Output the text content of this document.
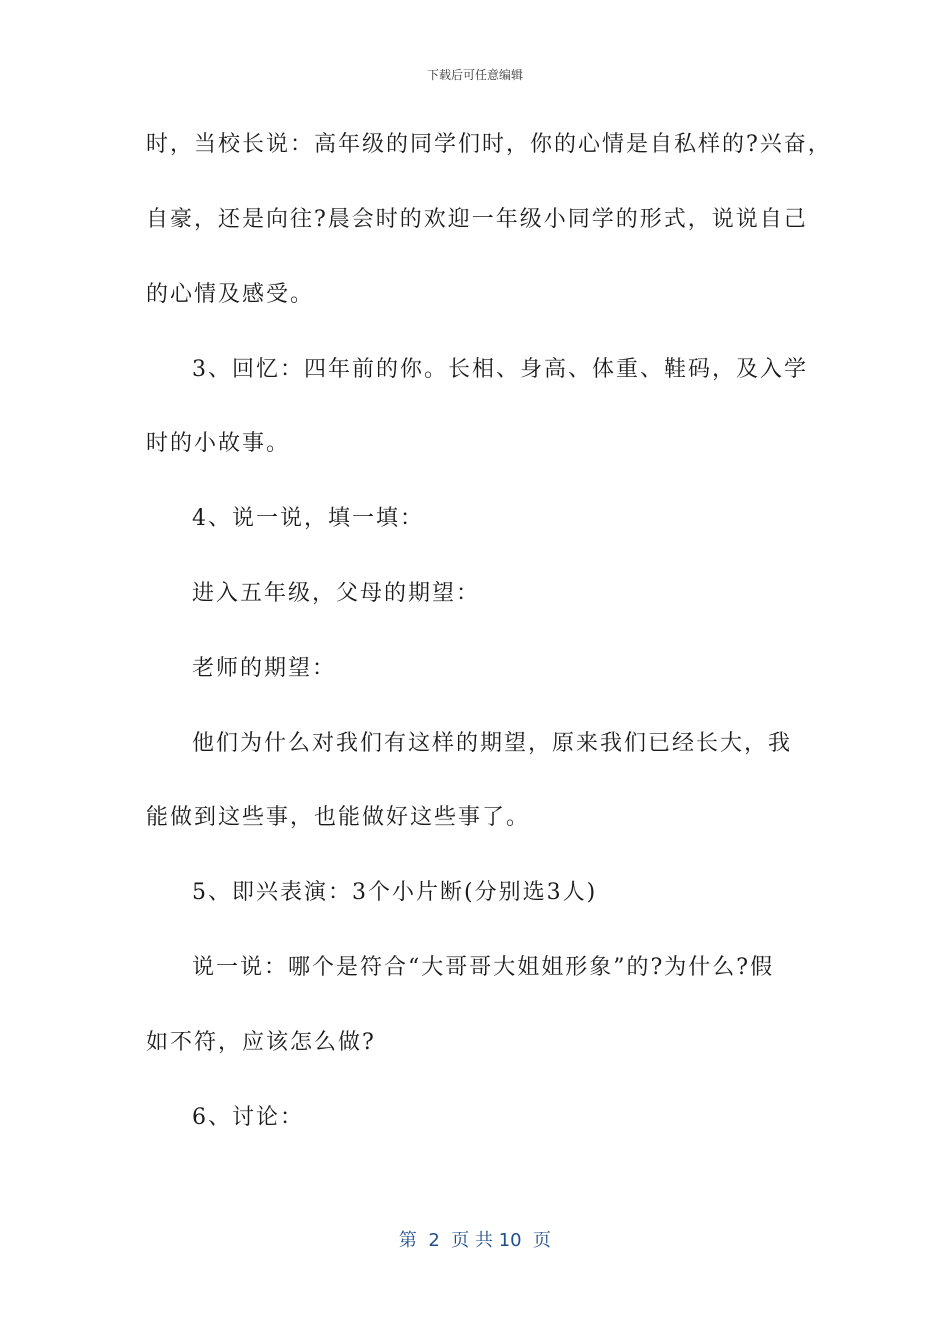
下载后可任意编辑
时，当校长说：高年级的同学们时，你的心情是自私样的?兴奋，
自豪，还是向往?晨会时的欢迎一年级小同学的形式，说说自己
的心情及感受。
3、回忆：四年前的你。长相、身高、体重、鞋码，及入学
时的小故事。
4、说一说，填一填：
进入五年级，父母的期望：
老师的期望：
他们为什么对我们有这样的期望，原来我们已经长大，我
能做到这些事，也能做好这些事了。
5、即兴表演：3个小片断(分别选3人)
说一说：哪个是符合“大哥哥大姐姐形象”的?为什么?假
如不符，应该怎么做?
6、讨论：
第  2  页 共 10  页
